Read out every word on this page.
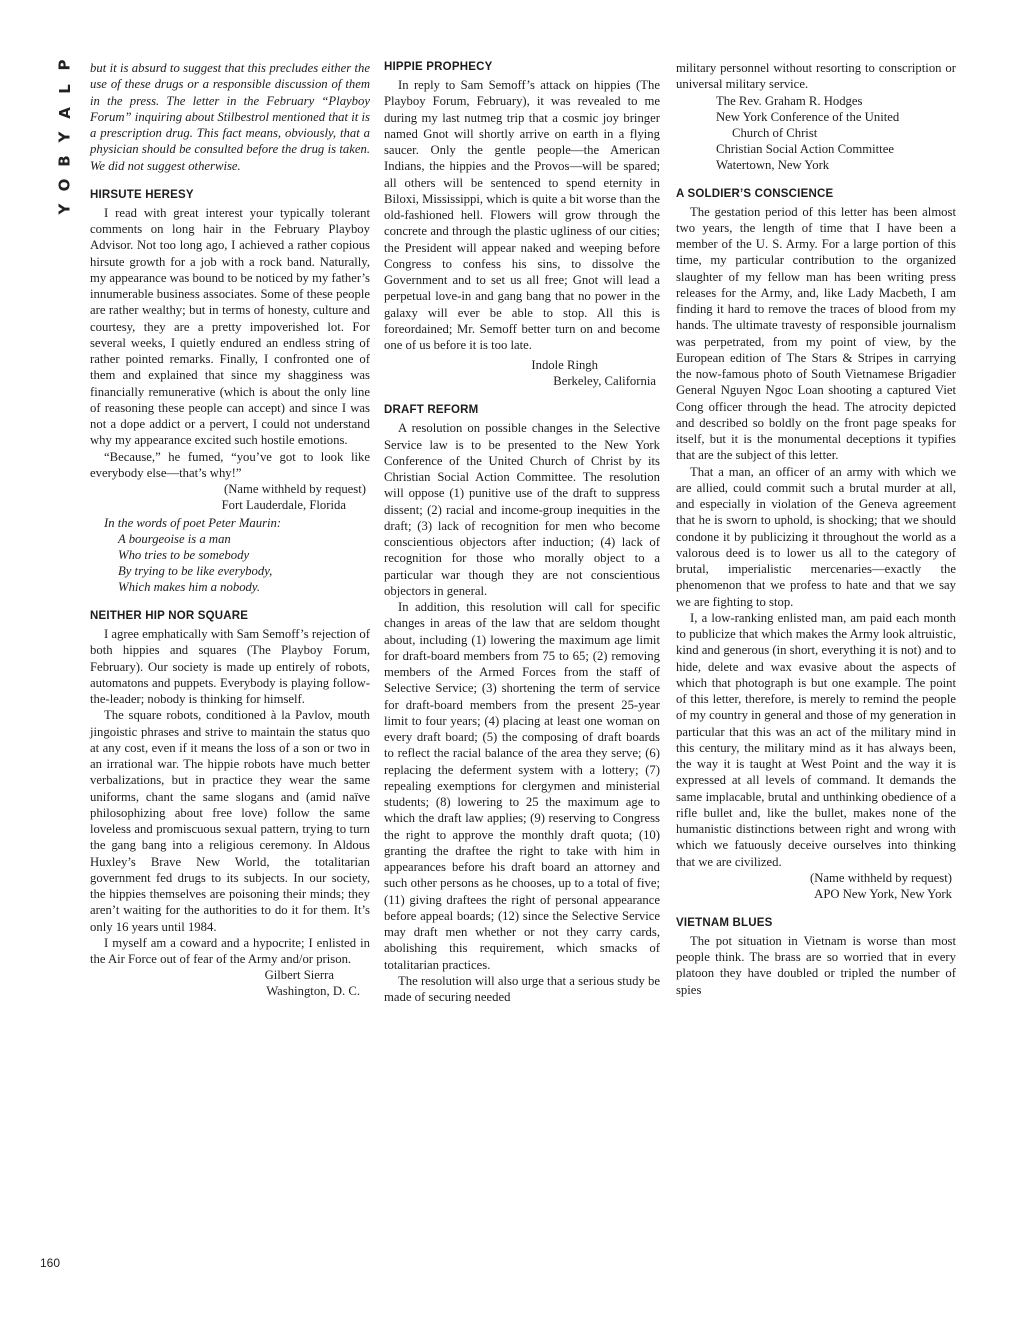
P
L
A
Y
B
O
Y
160

but it is absurd to suggest that this precludes either the use of these drugs or a responsible discussion of them in the press. The letter in the February “Playboy Forum” inquiring about Stilbestrol mentioned that it is a prescription drug. This fact means, obviously, that a physician should be consulted before the drug is taken. We did not suggest otherwise.

HIRSUTE HERESY

I read with great interest your typically tolerant comments on long hair in the February Playboy Advisor. Not too long ago, I achieved a rather copious hirsute growth for a job with a rock band. Naturally, my appearance was bound to be noticed by my father’s innumerable business associates. Some of these people are rather wealthy; but in terms of honesty, culture and courtesy, they are a pretty impoverished lot. For several weeks, I quietly endured an endless string of rather pointed remarks. Finally, I confronted one of them and explained that since my shagginess was financially remunerative (which is about the only line of reasoning these people can accept) and since I was not a dope addict or a pervert, I could not understand why my appearance excited such hostile emotions.

“Because,” he fumed, “you’ve got to look like everybody else—that’s why!”

(Name withheld by request)
Fort Lauderdale, Florida
In the words of poet Peter Maurin:
A bourgeoise is a man
Who tries to be somebody
By trying to be like everybody,
Which makes him a nobody.
NEITHER HIP NOR SQUARE

I agree emphatically with Sam Semoff’s rejection of both hippies and squares (The Playboy Forum, February). Our society is made up entirely of robots, automatons and puppets. Everybody is playing follow-the-leader; nobody is thinking for himself.

The square robots, conditioned à la Pavlov, mouth jingoistic phrases and strive to maintain the status quo at any cost, even if it means the loss of a son or two in an irrational war. The hippie robots have much better verbalizations, but in practice they wear the same uniforms, chant the same slogans and (amid naïve philosophizing about free love) follow the same loveless and promiscuous sexual pattern, trying to turn the gang bang into a religious ceremony. In Aldous Huxley’s Brave New World, the totalitarian government fed drugs to its subjects. In our society, the hippies themselves are poisoning their minds; they aren’t waiting for the authorities to do it for them. It’s only 16 years until 1984.

I myself am a coward and a hypocrite; I enlisted in the Air Force out of fear of the Army and/or prison.

Gilbert Sierra
Washington, D. C.
HIPPIE PROPHECY

In reply to Sam Semoff’s attack on hippies (The Playboy Forum, February), it was revealed to me during my last nutmeg trip that a cosmic joy bringer named Gnot will shortly arrive on earth in a flying saucer. Only the gentle people—the American Indians, the hippies and the Provos—will be spared; all others will be sentenced to spend eternity in Biloxi, Mississippi, which is quite a bit worse than the old-fashioned hell. Flowers will grow through the concrete and through the plastic ugliness of our cities; the President will appear naked and weeping before Congress to confess his sins, to dissolve the Government and to set us all free; Gnot will lead a perpetual love-in and gang bang that no power in the galaxy will ever be able to stop. All this is foreordained; Mr. Semoff better turn on and become one of us before it is too late.

Indole Ringh
Berkeley, California
DRAFT REFORM

A resolution on possible changes in the Selective Service law is to be presented to the New York Conference of the United Church of Christ by its Christian Social Action Committee. The resolution will oppose (1) punitive use of the draft to suppress dissent; (2) racial and income-group inequities in the draft; (3) lack of recognition for men who become conscientious objectors after induction; (4) lack of recognition for those who morally object to a particular war though they are not conscientious objectors in general.

In addition, this resolution will call for specific changes in areas of the law that are seldom thought about, including (1) lowering the maximum age limit for draft-board members from 75 to 65; (2) removing members of the Armed Forces from the staff of Selective Service; (3) shortening the term of service for draft-board members from the present 25-year limit to four years; (4) placing at least one woman on every draft board; (5) the composing of draft boards to reflect the racial balance of the area they serve; (6) replacing the deferment system with a lottery; (7) repealing exemptions for clergymen and ministerial students; (8) lowering to 25 the maximum age to which the draft law applies; (9) reserving to Congress the right to approve the monthly draft quota; (10) granting the draftee the right to take with him in appearances before his draft board an attorney and such other persons as he chooses, up to a total of five; (11) giving draftees the right of personal appearance before appeal boards; (12) since the Selective Service may draft men whether or not they carry cards, abolishing this requirement, which smacks of totalitarian practices.

The resolution will also urge that a serious study be made of securing needed

military personnel without resorting to conscription or universal military service.

The Rev. Graham R. Hodges
New York Conference of the United
Church of Christ
Christian Social Action Committee
Watertown, New York
A SOLDIER’S CONSCIENCE

The gestation period of this letter has been almost two years, the length of time that I have been a member of the U. S. Army. For a large portion of this time, my particular contribution to the organized slaughter of my fellow man has been writing press releases for the Army, and, like Lady Macbeth, I am finding it hard to remove the traces of blood from my hands. The ultimate travesty of responsible journalism was perpetrated, from my point of view, by the European edition of The Stars & Stripes in carrying the now-famous photo of South Vietnamese Brigadier General Nguyen Ngoc Loan shooting a captured Viet Cong officer through the head. The atrocity depicted and described so boldly on the front page speaks for itself, but it is the monumental deceptions it typifies that are the subject of this letter.

That a man, an officer of an army with which we are allied, could commit such a brutal murder at all, and especially in violation of the Geneva agreement that he is sworn to uphold, is shocking; that we should condone it by publicizing it throughout the world as a valorous deed is to lower us all to the category of brutal, imperialistic mercenaries—exactly the phenomenon that we profess to hate and that we say we are fighting to stop.

I, a low-ranking enlisted man, am paid each month to publicize that which makes the Army look altruistic, kind and generous (in short, everything it is not) and to hide, delete and wax evasive about the aspects of which that photograph is but one example. The point of this letter, therefore, is merely to remind the people of my country in general and those of my generation in particular that this was an act of the military mind in this century, the military mind as it has always been, the way it is taught at West Point and the way it is expressed at all levels of command. It demands the same implacable, brutal and unthinking obedience of a rifle bullet and, like the bullet, makes none of the humanistic distinctions between right and wrong with which we fatuously deceive ourselves into thinking that we are civilized.

(Name withheld by request)
APO New York, New York
VIETNAM BLUES

The pot situation in Vietnam is worse than most people think. The brass are so worried that in every platoon they have doubled or tripled the number of spies
